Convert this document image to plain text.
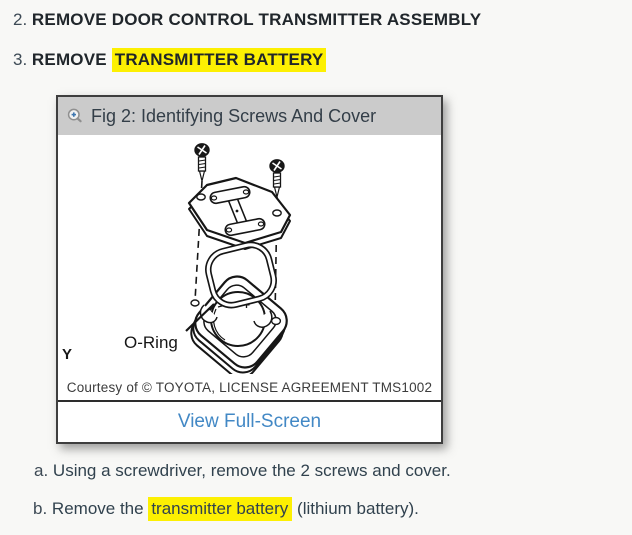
2. REMOVE DOOR CONTROL TRANSMITTER ASSEMBLY
3. REMOVE TRANSMITTER BATTERY
Fig 2: Identifying Screws And Cover
+
O-Ring
Y
Courtesy of © TOYOTA, LICENSE AGREEMENT TMS1002
View Full-Screen
a. Using a screwdriver, remove the 2 screws and cover.
b. Remove the transmitter battery (lithium battery).
